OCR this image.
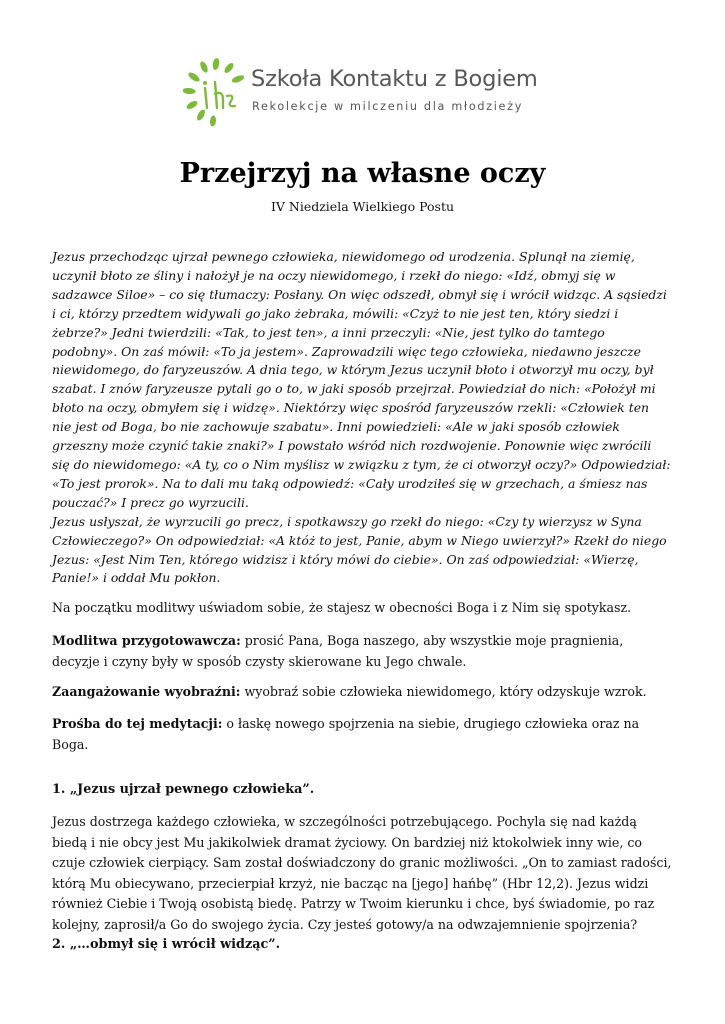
Szkoła Kontaktu z Bogiem
Rekolekcje w milczeniu dla młodzieży
Przejrzyj na własne oczy
IV Niedziela Wielkiego Postu

Jezus przechodząc ujrzał pewnego człowieka, niewidomego od urodzenia. Splunął na ziemię, uczynił błoto ze śliny i nałożył je na oczy niewidomego, i rzekł do niego: «Idź, obmyj się w sadzawce Siloe» – co się tłumaczy: Posłany. On więc odszedł, obmył się i wrócił widząc. A sąsiedzi i ci, którzy przedtem widywali go jako żebraka, mówili: «Czyż to nie jest ten, który siedzi i żebrze?» Jedni twierdzili: «Tak, to jest ten», a inni przeczyli: «Nie, jest tylko do tamtego podobny». On zaś mówił: «To ja jestem». Zaprowadzili więc tego człowieka, niedawno jeszcze niewidomego, do faryzeuszów. A dnia tego, w którym Jezus uczynił błoto i otworzył mu oczy, był szabat. I znów faryzeusze pytali go o to, w jaki sposób przejrzał. Powiedział do nich: «Położył mi błoto na oczy, obmyłem się i widzę». Niektórzy więc spośród faryzeuszów rzekli: «Człowiek ten nie jest od Boga, bo nie zachowuje szabatu». Inni powiedzieli: «Ale w jaki sposób człowiek grzeszny może czynić takie znaki?» I powstało wśród nich rozdwojenie. Ponownie więc zwrócili się do niewidomego: «A ty, co o Nim myślisz w związku z tym, że ci otworzył oczy?» Odpowiedział: «To jest prorok». Na to dali mu taką odpowiedź: «Cały urodziłeś się w grzechach, a śmiesz nas pouczać?» I precz go wyrzucili.

Jezus usłyszał, że wyrzucili go precz, i spotkawszy go rzekł do niego: «Czy ty wierzysz w Syna Człowieczego?» On odpowiedział: «A któż to jest, Panie, abym w Niego uwierzył?» Rzekł do niego Jezus: «Jest Nim Ten, którego widzisz i który mówi do ciebie». On zaś odpowiedział: «Wierzę, Panie!» i oddał Mu pokłon.

Na początku modlitwy uświadom sobie, że stajesz w obecności Boga i z Nim się spotykasz.

Modlitwa przygotowawcza: prosić Pana, Boga naszego, aby wszystkie moje pragnienia, decyzje i czyny były w sposób czysty skierowane ku Jego chwale.

Zaangażowanie wyobraźni: wyobraź sobie człowieka niewidomego, który odzyskuje wzrok.

Prośba do tej medytacji: o łaskę nowego spojrzenia na siebie, drugiego człowieka oraz na Boga.

1. „Jezus ujrzał pewnego człowieka”.

Jezus dostrzega każdego człowieka, w szczególności potrzebującego. Pochyla się nad każdą biedą i nie obcy jest Mu jakikolwiek dramat życiowy. On bardziej niż ktokolwiek inny wie, co czuje człowiek cierpiący. Sam został doświadczony do granic możliwości. „On to zamiast radości, którą Mu obiecywano, przecierpiał krzyż, nie bacząc na [jego] hańbę” (Hbr 12,2). Jezus widzi również Ciebie i Twoją osobistą biedę. Patrzy w Twoim kierunku i chce, byś świadomie, po raz kolejny, zaprosił/a Go do swojego życia. Czy jesteś gotowy/a na odwzajemnienie spojrzenia?

2. „…obmył się i wrócił widząc”.
